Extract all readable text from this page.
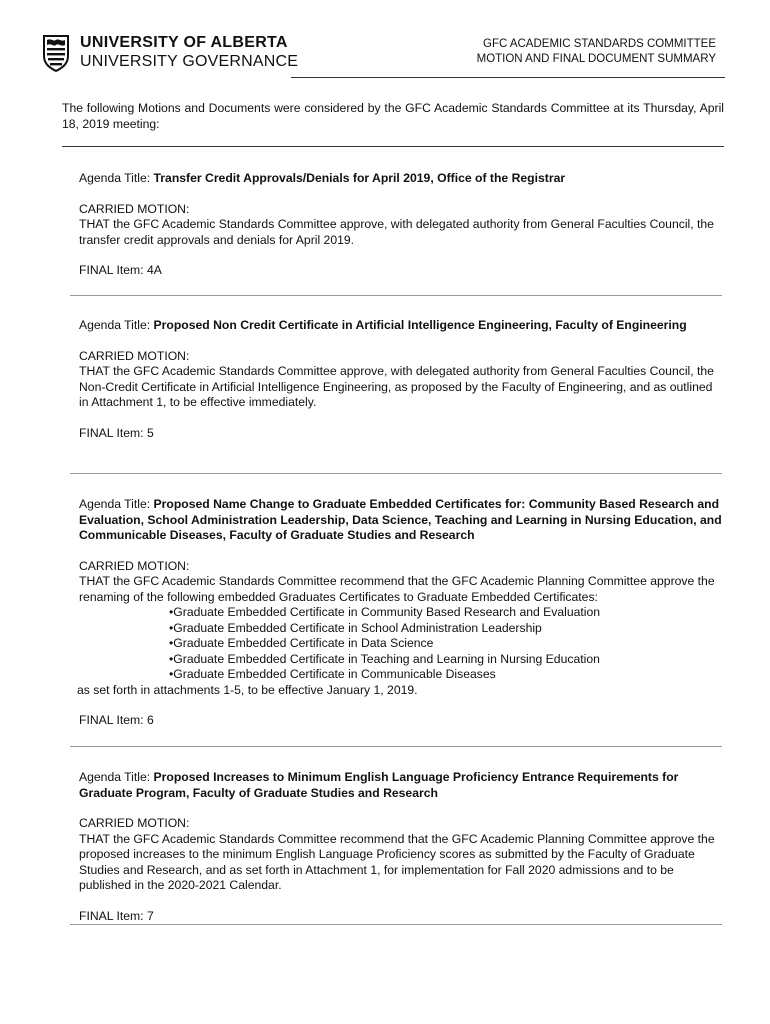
UNIVERSITY OF ALBERTA
UNIVERSITY GOVERNANCE
GFC ACADEMIC STANDARDS COMMITTEE
MOTION AND FINAL DOCUMENT SUMMARY
The following Motions and Documents were considered by the GFC Academic Standards Committee at its Thursday, April 18, 2019 meeting:

Agenda Title: Transfer Credit Approvals/Denials for April 2019, Office of the Registrar

CARRIED MOTION:

THAT the GFC Academic Standards Committee approve, with delegated authority from General Faculties Council, the transfer credit approvals and denials for April 2019.

FINAL Item: 4A

Agenda Title: Proposed Non Credit Certificate in Artificial Intelligence Engineering, Faculty of Engineering

CARRIED MOTION:

THAT the GFC Academic Standards Committee approve, with delegated authority from General Faculties Council, the Non-Credit Certificate in Artificial Intelligence Engineering, as proposed by the Faculty of Engineering, and as outlined in Attachment 1, to be effective immediately.

FINAL Item: 5

Agenda Title: Proposed Name Change to Graduate Embedded Certificates for: Community Based Research and Evaluation, School Administration Leadership, Data Science, Teaching and Learning in Nursing Education, and Communicable Diseases, Faculty of Graduate Studies and Research

CARRIED MOTION:

THAT the GFC Academic Standards Committee recommend that the GFC Academic Planning Committee approve the renaming of the following embedded Graduates Certificates to Graduate Embedded Certificates:

• Graduate Embedded Certificate in Community Based Research and Evaluation
• Graduate Embedded Certificate in School Administration Leadership
• Graduate Embedded Certificate in Data Science
• Graduate Embedded Certificate in Teaching and Learning in Nursing Education
• Graduate Embedded Certificate in Communicable Diseases

as set forth in attachments 1-5, to be effective January 1, 2019.

FINAL Item: 6

Agenda Title: Proposed Increases to Minimum English Language Proficiency Entrance Requirements for Graduate Program, Faculty of Graduate Studies and Research

CARRIED MOTION:

THAT the GFC Academic Standards Committee recommend that the GFC Academic Planning Committee approve the proposed increases to the minimum English Language Proficiency scores as submitted by the Faculty of Graduate Studies and Research, and as set forth in Attachment 1, for implementation for Fall 2020 admissions and to be published in the 2020-2021 Calendar.

FINAL Item: 7
